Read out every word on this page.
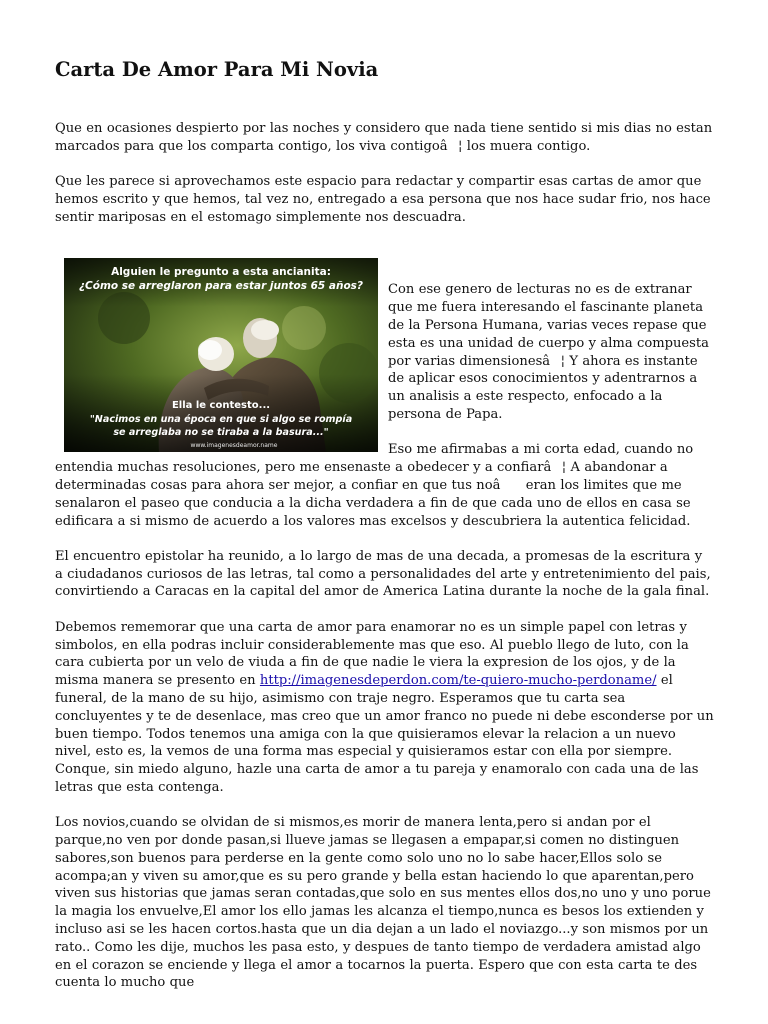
Carta De Amor Para Mi Novia

Que en ocasiones despierto por las noches y considero que nada tiene sentido si mis dias no estan marcados para que los comparta contigo, los viva contigoâ¦ los muera contigo.

Que les parece si aprovechamos este espacio para redactar y compartir esas cartas de amor que hemos escrito y que hemos, tal vez no, entregado a esa persona que nos hace sudar frio, nos hace sentir mariposas en el estomago simplemente nos descuadra.

Alguien le pregunto a esta ancianita:
¿Cómo se arreglaron para estar juntos 65 años?
Ella le contesto...
"Nacimos en una época en que si algo se rompía
se arreglaba no se tiraba a la basura..."
www.imagenesdeamor.name

Con ese genero de lecturas no es de extranar que me fuera interesando el fascinante planeta de la Persona Humana, varias veces repase que esta es una unidad de cuerpo y alma compuesta por varias dimensionesâ¦ Y ahora es instante de aplicar esos conocimientos y adentrarnos a un analisis a este respecto, enfocado a la persona de Papa.

Eso me afirmabas a mi corta edad, cuando no entendia muchas resoluciones, pero me ensenaste a obedecer y a confiarâ¦ A abandonar a determinadas cosas para ahora ser mejor, a confiar en que tus noâ eran los limites que me senalaron el paseo que conducia a la dicha verdadera a fin de que cada uno de ellos en casa se edificara a si mismo de acuerdo a los valores mas excelsos y descubriera la autentica felicidad.

El encuentro epistolar ha reunido, a lo largo de mas de una decada, a promesas de la escritura y a ciudadanos curiosos de las letras, tal como a personalidades del arte y entretenimiento del pais, convirtiendo a Caracas en la capital del amor de America Latina durante la noche de la gala final.

Debemos rememorar que una carta de amor para enamorar no es un simple papel con letras y simbolos, en ella podras incluir considerablemente mas que eso. Al pueblo llego de luto, con la cara cubierta por un velo de viuda a fin de que nadie le viera la expresion de los ojos, y de la misma manera se presento en http://imagenesdeperdon.com/te-quiero-mucho-perdoname/ el funeral, de la mano de su hijo, asimismo con traje negro. Esperamos que tu carta sea concluyentes y te de desenlace, mas creo que un amor franco no puede ni debe esconderse por un buen tiempo. Todos tenemos una amiga con la que quisieramos elevar la relacion a un nuevo nivel, esto es, la vemos de una forma mas especial y quisieramos estar con ella por siempre. Conque, sin miedo alguno, hazle una carta de amor a tu pareja y enamoralo con cada una de las letras que esta contenga.

Los novios,cuando se olvidan de si mismos,es morir de manera lenta,pero si andan por el parque,no ven por donde pasan,si llueve jamas se llegasen a empapar,si comen no distinguen sabores,son buenos para perderse en la gente como solo uno no lo sabe hacer,Ellos solo se acompa;an y viven su amor,que es su pero grande y bella estan haciendo lo que aparentan,pero viven sus historias que jamas seran contadas,que solo en sus mentes ellos dos,no uno y uno porue la magia los envuelve,El amor los ello jamas les alcanza el tiempo,nunca es besos los extienden y incluso asi se les hacen cortos.hasta que un dia dejan a un lado el noviazgo...y son mismos por un rato.. Como les dije, muchos les pasa esto, y despues de tanto tiempo de verdadera amistad algo en el corazon se enciende y llega el amor a tocarnos la puerta. Espero que con esta carta te des cuenta lo mucho que
